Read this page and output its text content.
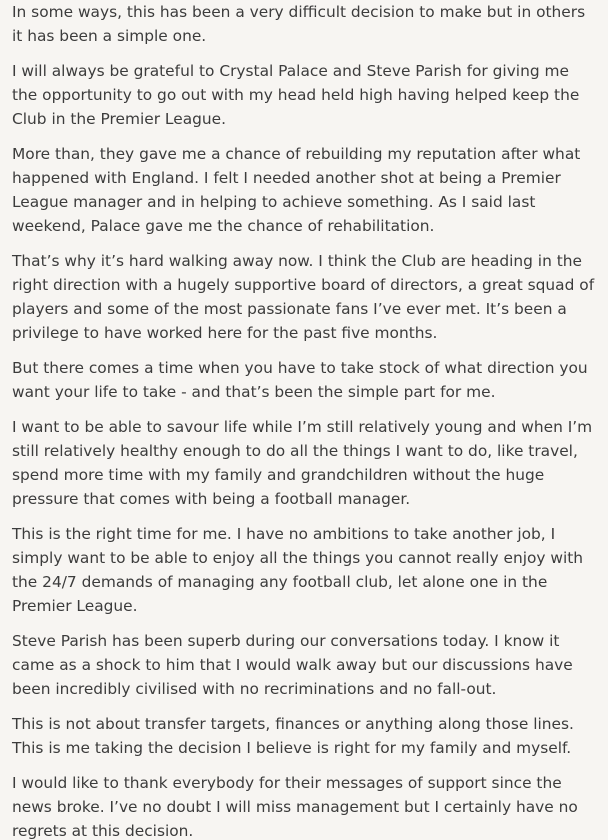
In some ways, this has been a very difficult decision to make but in others it has been a simple one.

I will always be grateful to Crystal Palace and Steve Parish for giving me the opportunity to go out with my head held high having helped keep the Club in the Premier League.

More than, they gave me a chance of rebuilding my reputation after what happened with England. I felt I needed another shot at being a Premier League manager and in helping to achieve something. As I said last weekend, Palace gave me the chance of rehabilitation.

That’s why it’s hard walking away now. I think the Club are heading in the right direction with a hugely supportive board of directors, a great squad of players and some of the most passionate fans I’ve ever met. It’s been a privilege to have worked here for the past five months.

But there comes a time when you have to take stock of what direction you want your life to take - and that’s been the simple part for me.

I want to be able to savour life while I’m still relatively young and when I’m still relatively healthy enough to do all the things I want to do, like travel, spend more time with my family and grandchildren without the huge pressure that comes with being a football manager.

This is the right time for me. I have no ambitions to take another job, I simply want to be able to enjoy all the things you cannot really enjoy with the 24/7 demands of managing any football club, let alone one in the Premier League.

Steve Parish has been superb during our conversations today. I know it came as a shock to him that I would walk away but our discussions have been incredibly civilised with no recriminations and no fall-out.

This is not about transfer targets, finances or anything along those lines. This is me taking the decision I believe is right for my family and myself.

I would like to thank everybody for their messages of support since the news broke. I’ve no doubt I will miss management but I certainly have no regrets at this decision.
